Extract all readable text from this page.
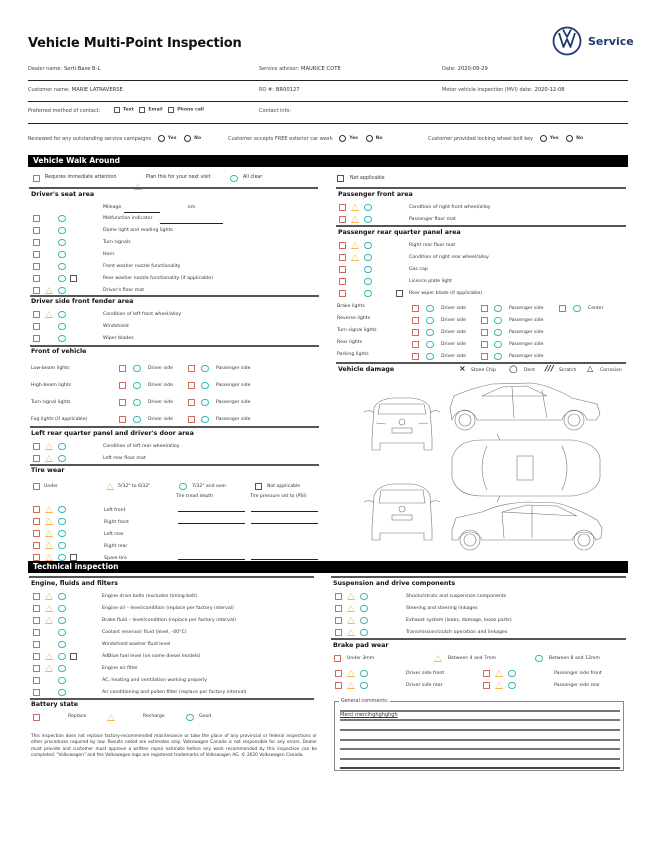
Vehicle Multi-Point Inspection	Service
Dealer name: Serti-Base B-L	Service advisor: MAURICE COTE	Date: 2020-09-29
Customer name: MARIE LATRAVERSE	RO #: BR00127	Motor vehicle inspection (MVI) date: 2020-12-08
Preferred method of contact:	Text	Email	Phone call	Contact info:
Reviewed for any outstanding service campaigns	Yes	No	Customer accepts FREE exterior car wash	Yes	No	Customer provided locking wheel bolt key	Yes	No
Vehicle Walk Around
Requires immediate attention	Plan this for your next visit	All clear	Not applicable
Driver's seat area
Mileage	km
Malfunction indicator
Dome light and reading lights
Turn signals
Horn
Front washer nozzle functionality
Rear washer nozzle functionality (if applicable)
Driver's floor mat
Driver side front fender area
Condition of left front wheel/alloy
Windshield
Wiper blades
Front of vehicle
Low-beam lights	Driver side	Passenger side
High-beam lights	Driver side	Passenger side
Turn signal lights	Driver side	Passenger side
Fog lights (if applicable)	Driver side	Passenger side
Left rear quarter panel and driver's door area
Condition of left rear wheel/alloy
Left rear floor mat
Tire wear
Under	5/32" to 6/32"	7/32" and over	Not applicable
Tire tread depth	Tire pressure set to (PSI)
Left front
Right front
Left rear
Right rear
Spare tire
Passenger front area
Condition of right front wheel/alloy
Passenger floor mat
Passenger rear quarter panel area
Right rear floor mat
Condition of right rear wheel/alloy
Gas cap
Licence plate light
Rear wiper blade (if applicable)
Brake lights	Driver side	Passenger side	Center
Reverse lights	Driver side	Passenger side
Turn signal lights	Driver side	Passenger side
Rear lights	Driver side	Passenger side
Parking lights	Driver side	Passenger side
Vehicle damage	× Stone Chip ○ Dent /// Scratch △ Corrosion
Technical inspection
Engine, fluids and filters
Engine drive belts (excludes timing belt)
Engine oil – level/condition (replace per factory interval)
Brake fluid – level/condition (replace per factory interval)
Coolant reservoir fluid (level, -40°C)
Windshield washer fluid level
AdBlue fuel level (on some diesel models)
Engine air filter
AC, heating and ventilation working properly
Air conditioning and pollen filter (replace per factory interval)
Battery state
Replace	Recharge	Good
Suspension and drive components
Shocks/struts and suspension components
Steering and steering linkages
Exhaust system (leaks, damage, loose parts)
Transmission/clutch operation and linkages
Brake pad wear
Under 3mm	Between 4 and 7mm	Between 8 and 12mm
Driver side front	Passenger side front
Driver side rear	Passenger side rear
General comments:
Merci mercihghghghgh
This inspection does not replace factory-recommended maintenance or take the place of any provincial or federal inspections or other procedures required by law. Results noted are estimates only. Volkswagen Canada is not responsible for any errors. Dealer must provide and customer must approve a written repair estimate before any work recommended by this inspection can be completed. "Volkswagen" and the Volkswagen logo are registered trademarks of Volkswagen AG. © 2020 Volkswagen Canada.
